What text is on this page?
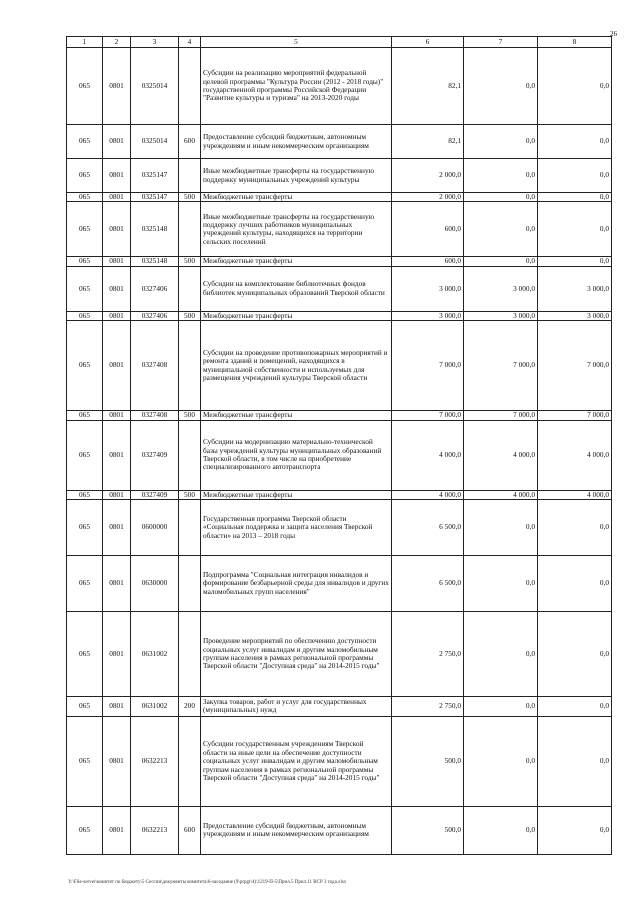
26
1	2	3	4	5	6	7	8
065	0801	0325014		Субсидии на реализацию мероприятий федеральной целевой программы "Культура России (2012 - 2018 годы)" государственной программы Российской Федерации "Развитие культуры и туризма" на 2013-2020 годы	82,1	0,0	0,0
065	0801	0325014	600	Предоставление субсидий бюджетным, автономным учреждениям и иным некоммерческим организациям	82,1	0,0	0,0
065	0801	0325147		Иные межбюджетные трансферты на государственную поддержку муниципальных учреждений культуры	2 000,0	0,0	0,0
065	0801	0325147	500	Межбюджетные трансферты	2 000,0	0,0	0,0
065	0801	0325148		Иные межбюджетные трансферты на государственную поддержку лучших работников муниципальных учреждений культуры, находящихся на территории сельских поселений	600,0	0,0	0,0
065	0801	0325148	500	Межбюджетные трансферты	600,0	0,0	0,0
065	0801	0327406		Субсидии на комплектование библиотечных фондов библиотек муниципальных образований Тверской области	3 000,0	3 000,0	3 000,0
065	0801	0327406	500	Межбюджетные трансферты	3 000,0	3 000,0	3 000,0
065	0801	0327408		Субсидии на проведение противопожарных мероприятий и ремонта зданий и помещений, находящихся в муниципальной собственности и используемых для размещения учреждений культуры Тверской области	7 000,0	7 000,0	7 000,0
065	0801	0327408	500	Межбюджетные трансферты	7 000,0	7 000,0	7 000,0
065	0801	0327409		Субсидии на модернизацию материально-технической базы учреждений культуры муниципальных образований Тверской области, в том числе на приобретение специализированного автотранспорта	4 000,0	4 000,0	4 000,0
065	0801	0327409	500	Межбюджетные трансферты	4 000,0	4 000,0	4 000,0
065	0801	0600000		Государственная программа Тверской области «Социальная поддержка и защита населения Тверской области» на 2013 – 2018 годы	6 500,0	0,0	0,0
065	0801	0630000		Подпрограмма "Социальная интеграция инвалидов и формирование безбарьерной среды для инвалидов и других маломобильных групп населения"	6 500,0	0,0	0,0
065	0801	0631002		Проведение мероприятий по обеспечению доступности социальных услуг инвалидам и другим маломобильным группам населения в рамках региональной программы Тверской области "Доступная среда" на 2014-2015 годы"	2 750,0	0,0	0,0
065	0801	0631002	200	Закупка товаров, работ и услуг для государственных (муниципальных) нужд	2 750,0	0,0	0,0
065	0801	0632213		Субсидии государственным учреждениям Тверской области на иные цели на обеспечение доступности социальных услуг инвалидам и другим маломобильным группам населения в рамках региональной программы Тверской области "Доступная среда" на 2014-2015 годы"	500,0	0,0	0,0
065	0801	0632213	600	Предоставление субсидий бюджетным, автономным учреждениям и иным некоммерческим организациям	500,0	0,0	0,0
Y:\File-server\комитет по бюджету\5 Сессии\документы комитета\6-заседание (9\prpgr\4)\1219-П-5\Прил.5 Прил.11 ВСР 3 года.xlsx
